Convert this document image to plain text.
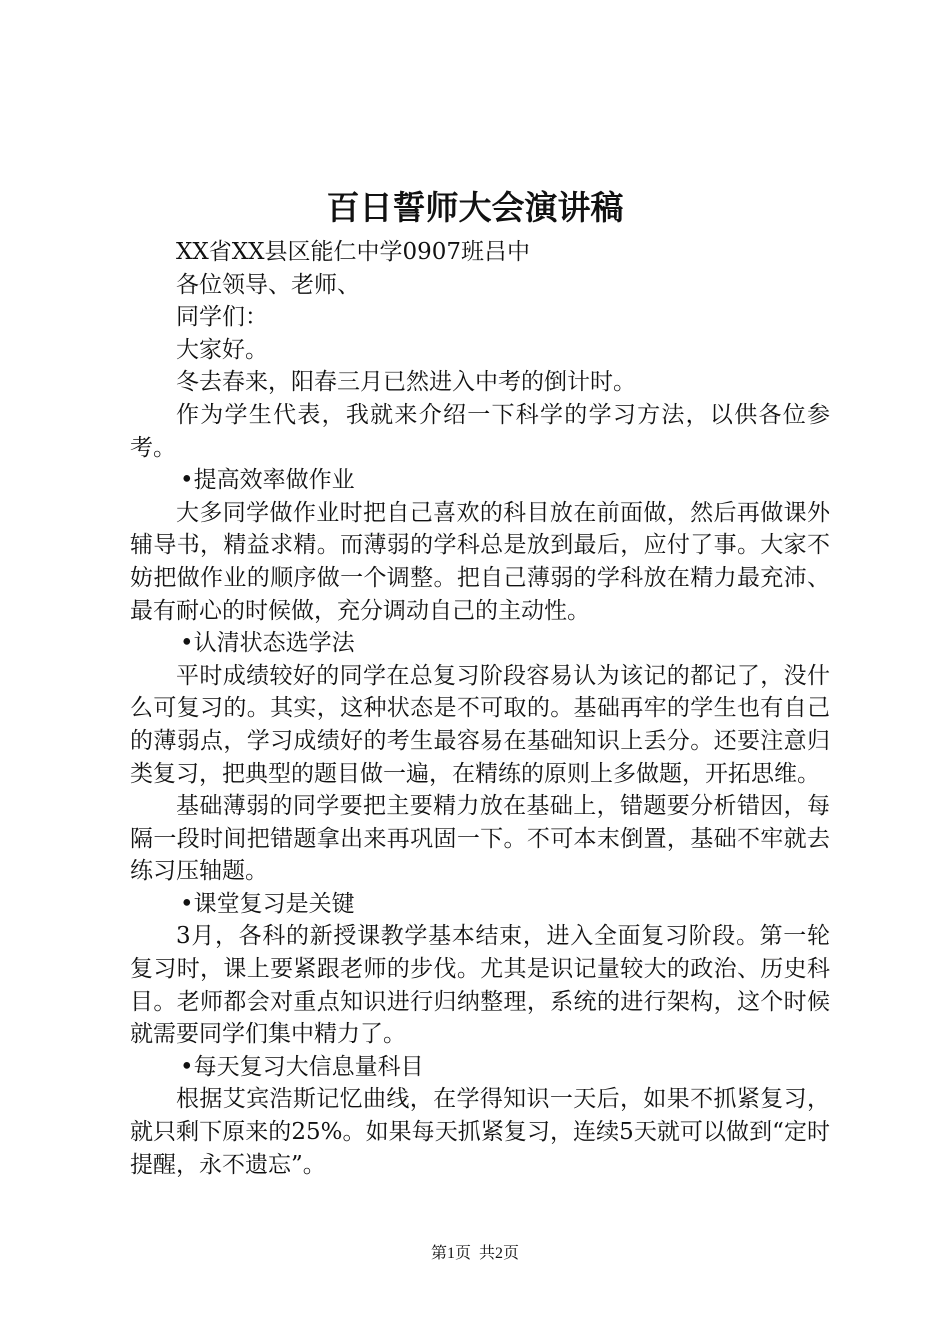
百日誓师大会演讲稿

XX省XX县区能仁中学0907班吕中

各位领导、老师、

同学们：

大家好。

冬去春来，阳春三月已然进入中考的倒计时。

作为学生代表，我就来介绍一下科学的学习方法，以供各位参考。

•提高效率做作业

大多同学做作业时把自己喜欢的科目放在前面做，然后再做课外辅导书，精益求精。而薄弱的学科总是放到最后，应付了事。大家不妨把做作业的顺序做一个调整。把自己薄弱的学科放在精力最充沛、最有耐心的时候做，充分调动自己的主动性。

•认清状态选学法

平时成绩较好的同学在总复习阶段容易认为该记的都记了，没什么可复习的。其实，这种状态是不可取的。基础再牢的学生也有自己的薄弱点，学习成绩好的考生最容易在基础知识上丢分。还要注意归类复习，把典型的题目做一遍，在精练的原则上多做题，开拓思维。

基础薄弱的同学要把主要精力放在基础上，错题要分析错因，每隔一段时间把错题拿出来再巩固一下。不可本末倒置，基础不牢就去练习压轴题。

•课堂复习是关键

3月，各科的新授课教学基本结束，进入全面复习阶段。第一轮复习时，课上要紧跟老师的步伐。尤其是识记量较大的政治、历史科目。老师都会对重点知识进行归纳整理，系统的进行架构，这个时候就需要同学们集中精力了。

•每天复习大信息量科目

根据艾宾浩斯记忆曲线，在学得知识一天后，如果不抓紧复习，就只剩下原来的25%。如果每天抓紧复习，连续5天就可以做到“定时提醒，永不遗忘”。

第1页 共2页
